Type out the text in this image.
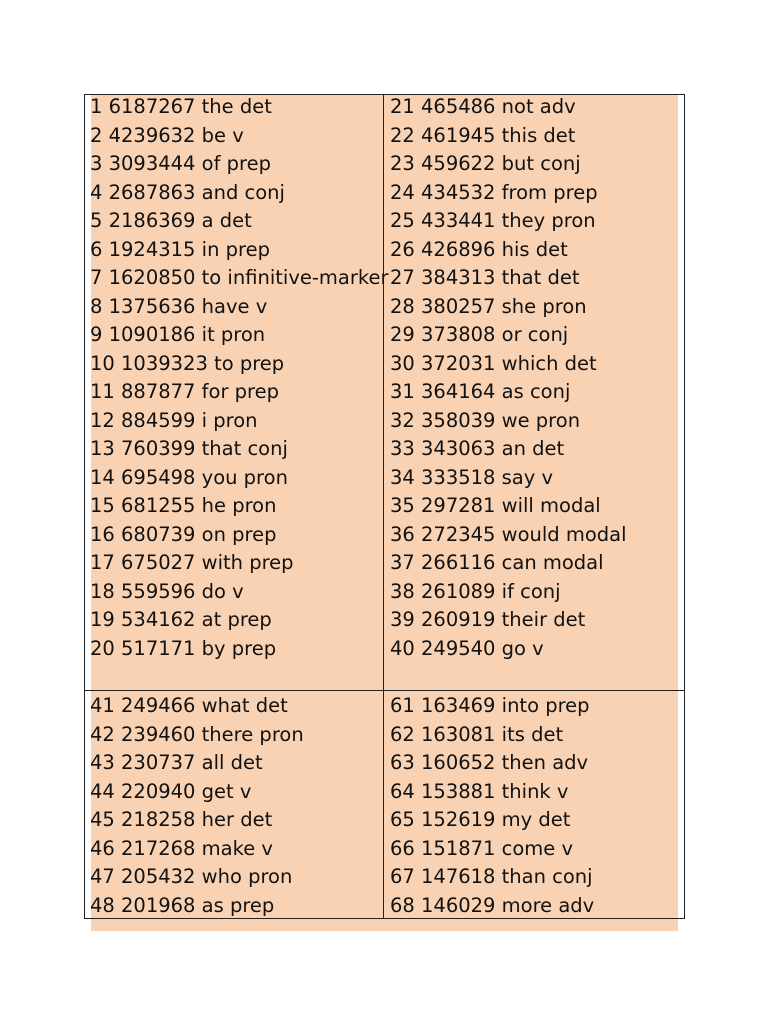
1 6187267 the det
2 4239632 be v
3 3093444 of prep
4 2687863 and conj
5 2186369 a det
6 1924315 in prep
7 1620850 to infinitive-marker
8 1375636 have v
9 1090186 it pron
10 1039323 to prep
11 887877 for prep
12 884599 i pron
13 760399 that conj
14 695498 you pron
15 681255 he pron
16 680739 on prep
17 675027 with prep
18 559596 do v
19 534162 at prep
20 517171 by prep
21 465486 not adv
22 461945 this det
23 459622 but conj
24 434532 from prep
25 433441 they pron
26 426896 his det
27 384313 that det
28 380257 she pron
29 373808 or conj
30 372031 which det
31 364164 as conj
32 358039 we pron
33 343063 an det
34 333518 say v
35 297281 will modal
36 272345 would modal
37 266116 can modal
38 261089 if conj
39 260919 their det
40 249540 go v
41 249466 what det
42 239460 there pron
43 230737 all det
44 220940 get v
45 218258 her det
46 217268 make v
47 205432 who pron
48 201968 as prep
61 163469 into prep
62 163081 its det
63 160652 then adv
64 153881 think v
65 152619 my det
66 151871 come v
67 147618 than conj
68 146029 more adv
